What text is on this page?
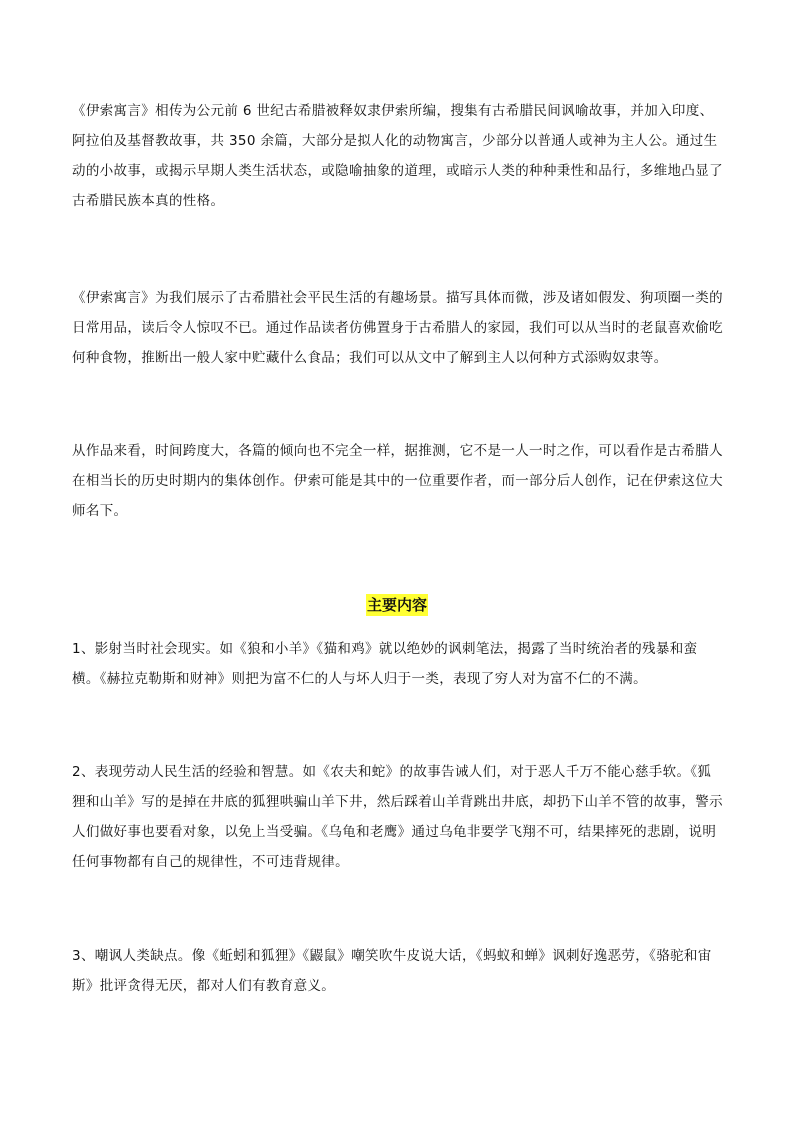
《伊索寓言》相传为公元前 6 世纪古希腊被释奴隶伊索所编，搜集有古希腊民间讽喻故事，并加入印度、阿拉伯及基督教故事，共 350 余篇，大部分是拟人化的动物寓言，少部分以普通人或神为主人公。通过生动的小故事，或揭示早期人类生活状态，或隐喻抽象的道理，或暗示人类的种种秉性和品行，多维地凸显了古希腊民族本真的性格。

《伊索寓言》为我们展示了古希腊社会平民生活的有趣场景。描写具体而微，涉及诸如假发、狗项圈一类的日常用品，读后令人惊叹不已。通过作品读者仿佛置身于古希腊人的家园，我们可以从当时的老鼠喜欢偷吃何种食物，推断出一般人家中贮藏什么食品；我们可以从文中了解到主人以何种方式添购奴隶等。

从作品来看，时间跨度大，各篇的倾向也不完全一样，据推测，它不是一人一时之作，可以看作是古希腊人在相当长的历史时期内的集体创作。伊索可能是其中的一位重要作者，而一部分后人创作，记在伊索这位大师名下。

主要内容

1、影射当时社会现实。如《狼和小羊》《猫和鸡》就以绝妙的讽刺笔法，揭露了当时统治者的残暴和蛮横。《赫拉克勒斯和财神》则把为富不仁的人与坏人归于一类，表现了穷人对为富不仁的不满。

2、表现劳动人民生活的经验和智慧。如《农夫和蛇》的故事告诫人们，对于恶人千万不能心慈手软。《狐狸和山羊》写的是掉在井底的狐狸哄骗山羊下井，然后踩着山羊背跳出井底，却扔下山羊不管的故事，警示人们做好事也要看对象，以免上当受骗。《乌龟和老鹰》通过乌龟非要学飞翔不可，结果摔死的悲剧，说明任何事物都有自己的规律性，不可违背规律。

3、嘲讽人类缺点。像《蚯蚓和狐狸》《鼹鼠》嘲笑吹牛皮说大话，《蚂蚁和蝉》讽刺好逸恶劳，《骆驼和宙斯》批评贪得无厌，都对人们有教育意义。
